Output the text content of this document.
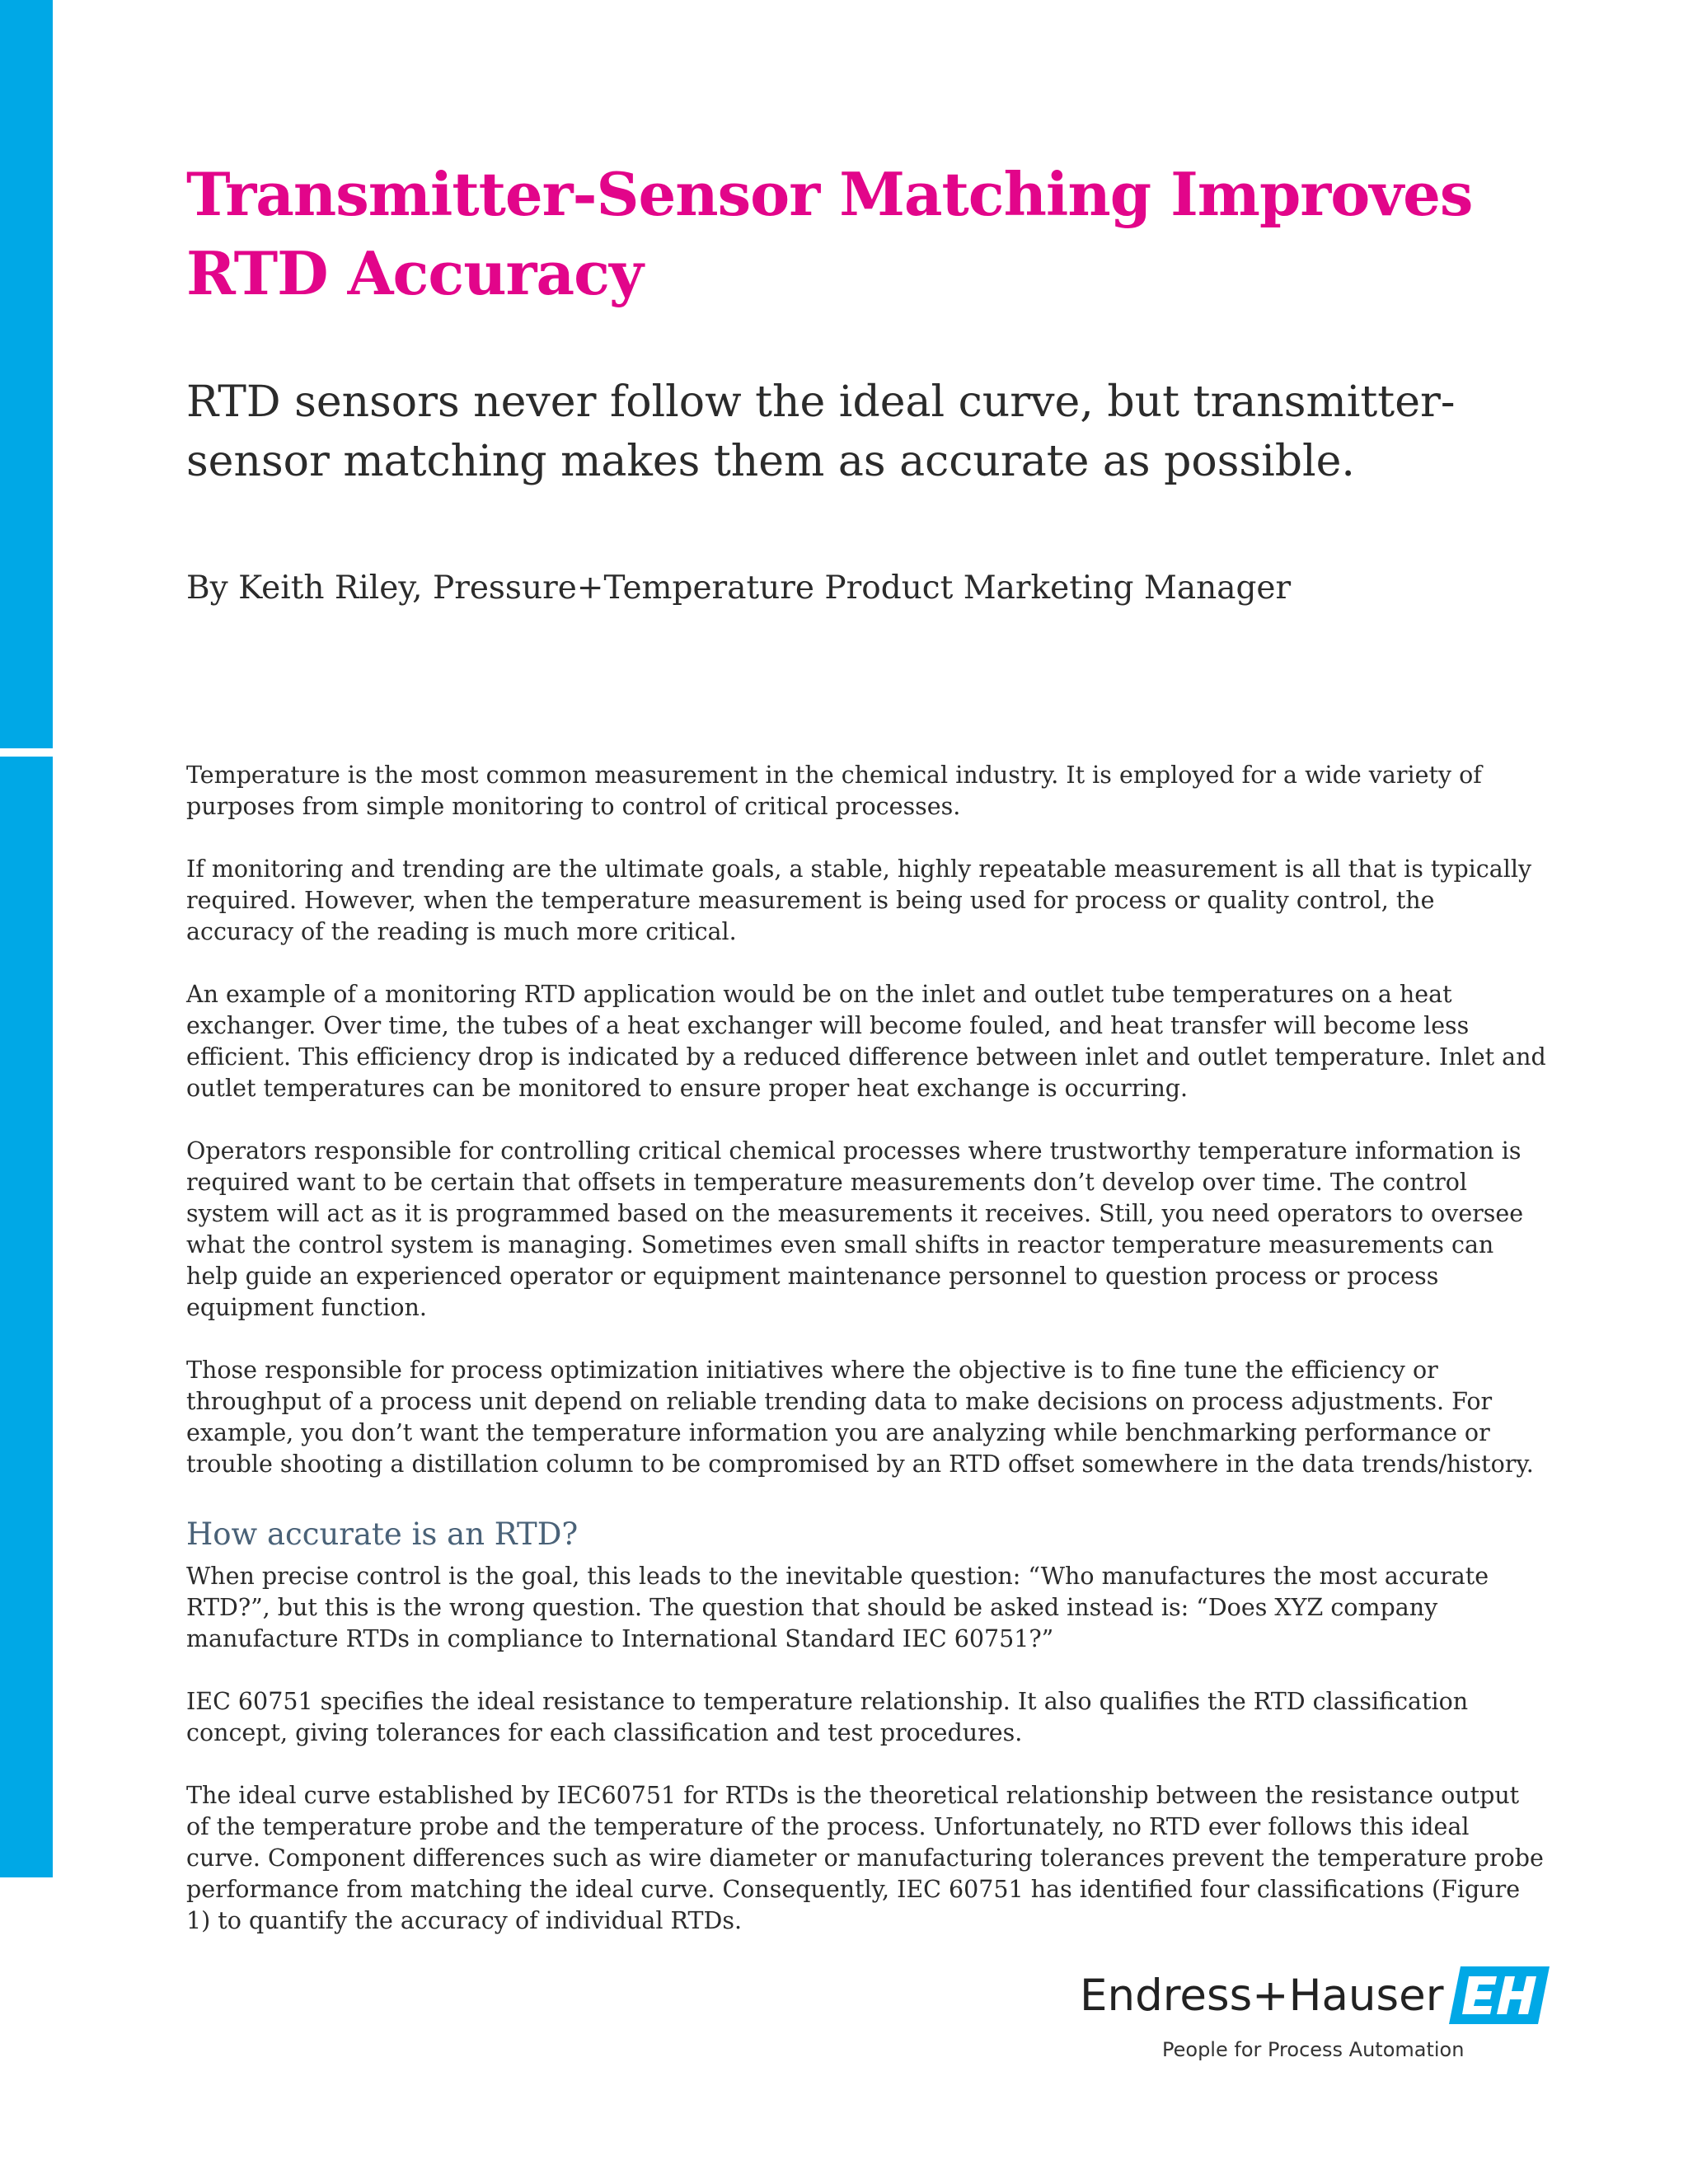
Transmitter-Sensor Matching Improves RTD Accuracy
RTD sensors never follow the ideal curve, but transmitter-sensor matching makes them as accurate as possible.

By Keith Riley, Pressure+Temperature Product Marketing Manager

Temperature is the most common measurement in the chemical industry. It is employed for a wide variety of purposes from simple monitoring to control of critical processes.

If monitoring and trending are the ultimate goals, a stable, highly repeatable measurement is all that is typically required. However, when the temperature measurement is being used for process or quality control, the accuracy of the reading is much more critical.

An example of a monitoring RTD application would be on the inlet and outlet tube temperatures on a heat exchanger. Over time, the tubes of a heat exchanger will become fouled, and heat transfer will become less efficient. This efficiency drop is indicated by a reduced difference between inlet and outlet temperature. Inlet and outlet temperatures can be monitored to ensure proper heat exchange is occurring.

Operators responsible for controlling critical chemical processes where trustworthy temperature information is required want to be certain that offsets in temperature measurements don’t develop over time. The control system will act as it is programmed based on the measurements it receives. Still, you need operators to oversee what the control system is managing. Sometimes even small shifts in reactor temperature measurements can help guide an experienced operator or equipment maintenance personnel to question process or process equipment function.

Those responsible for process optimization initiatives where the objective is to fine tune the efficiency or throughput of a process unit depend on reliable trending data to make decisions on process adjustments. For example, you don’t want the temperature information you are analyzing while benchmarking performance or trouble shooting a distillation column to be compromised by an RTD offset somewhere in the data trends/history.

How accurate is an RTD?

When precise control is the goal, this leads to the inevitable question: “Who manufactures the most accurate RTD?”, but this is the wrong question. The question that should be asked instead is: “Does XYZ company manufacture RTDs in compliance to International Standard IEC 60751?”

IEC 60751 specifies the ideal resistance to temperature relationship. It also qualifies the RTD classification concept, giving tolerances for each classification and test procedures.

The ideal curve established by IEC60751 for RTDs is the theoretical relationship between the resistance output of the temperature probe and the temperature of the process. Unfortunately, no RTD ever follows this ideal curve. Component differences such as wire diameter or manufacturing tolerances prevent the temperature probe performance from matching the ideal curve. Consequently, IEC 60751 has identified four classifications (Figure 1) to quantify the accuracy of individual RTDs.

Endress+Hauser
People for Process Automation
